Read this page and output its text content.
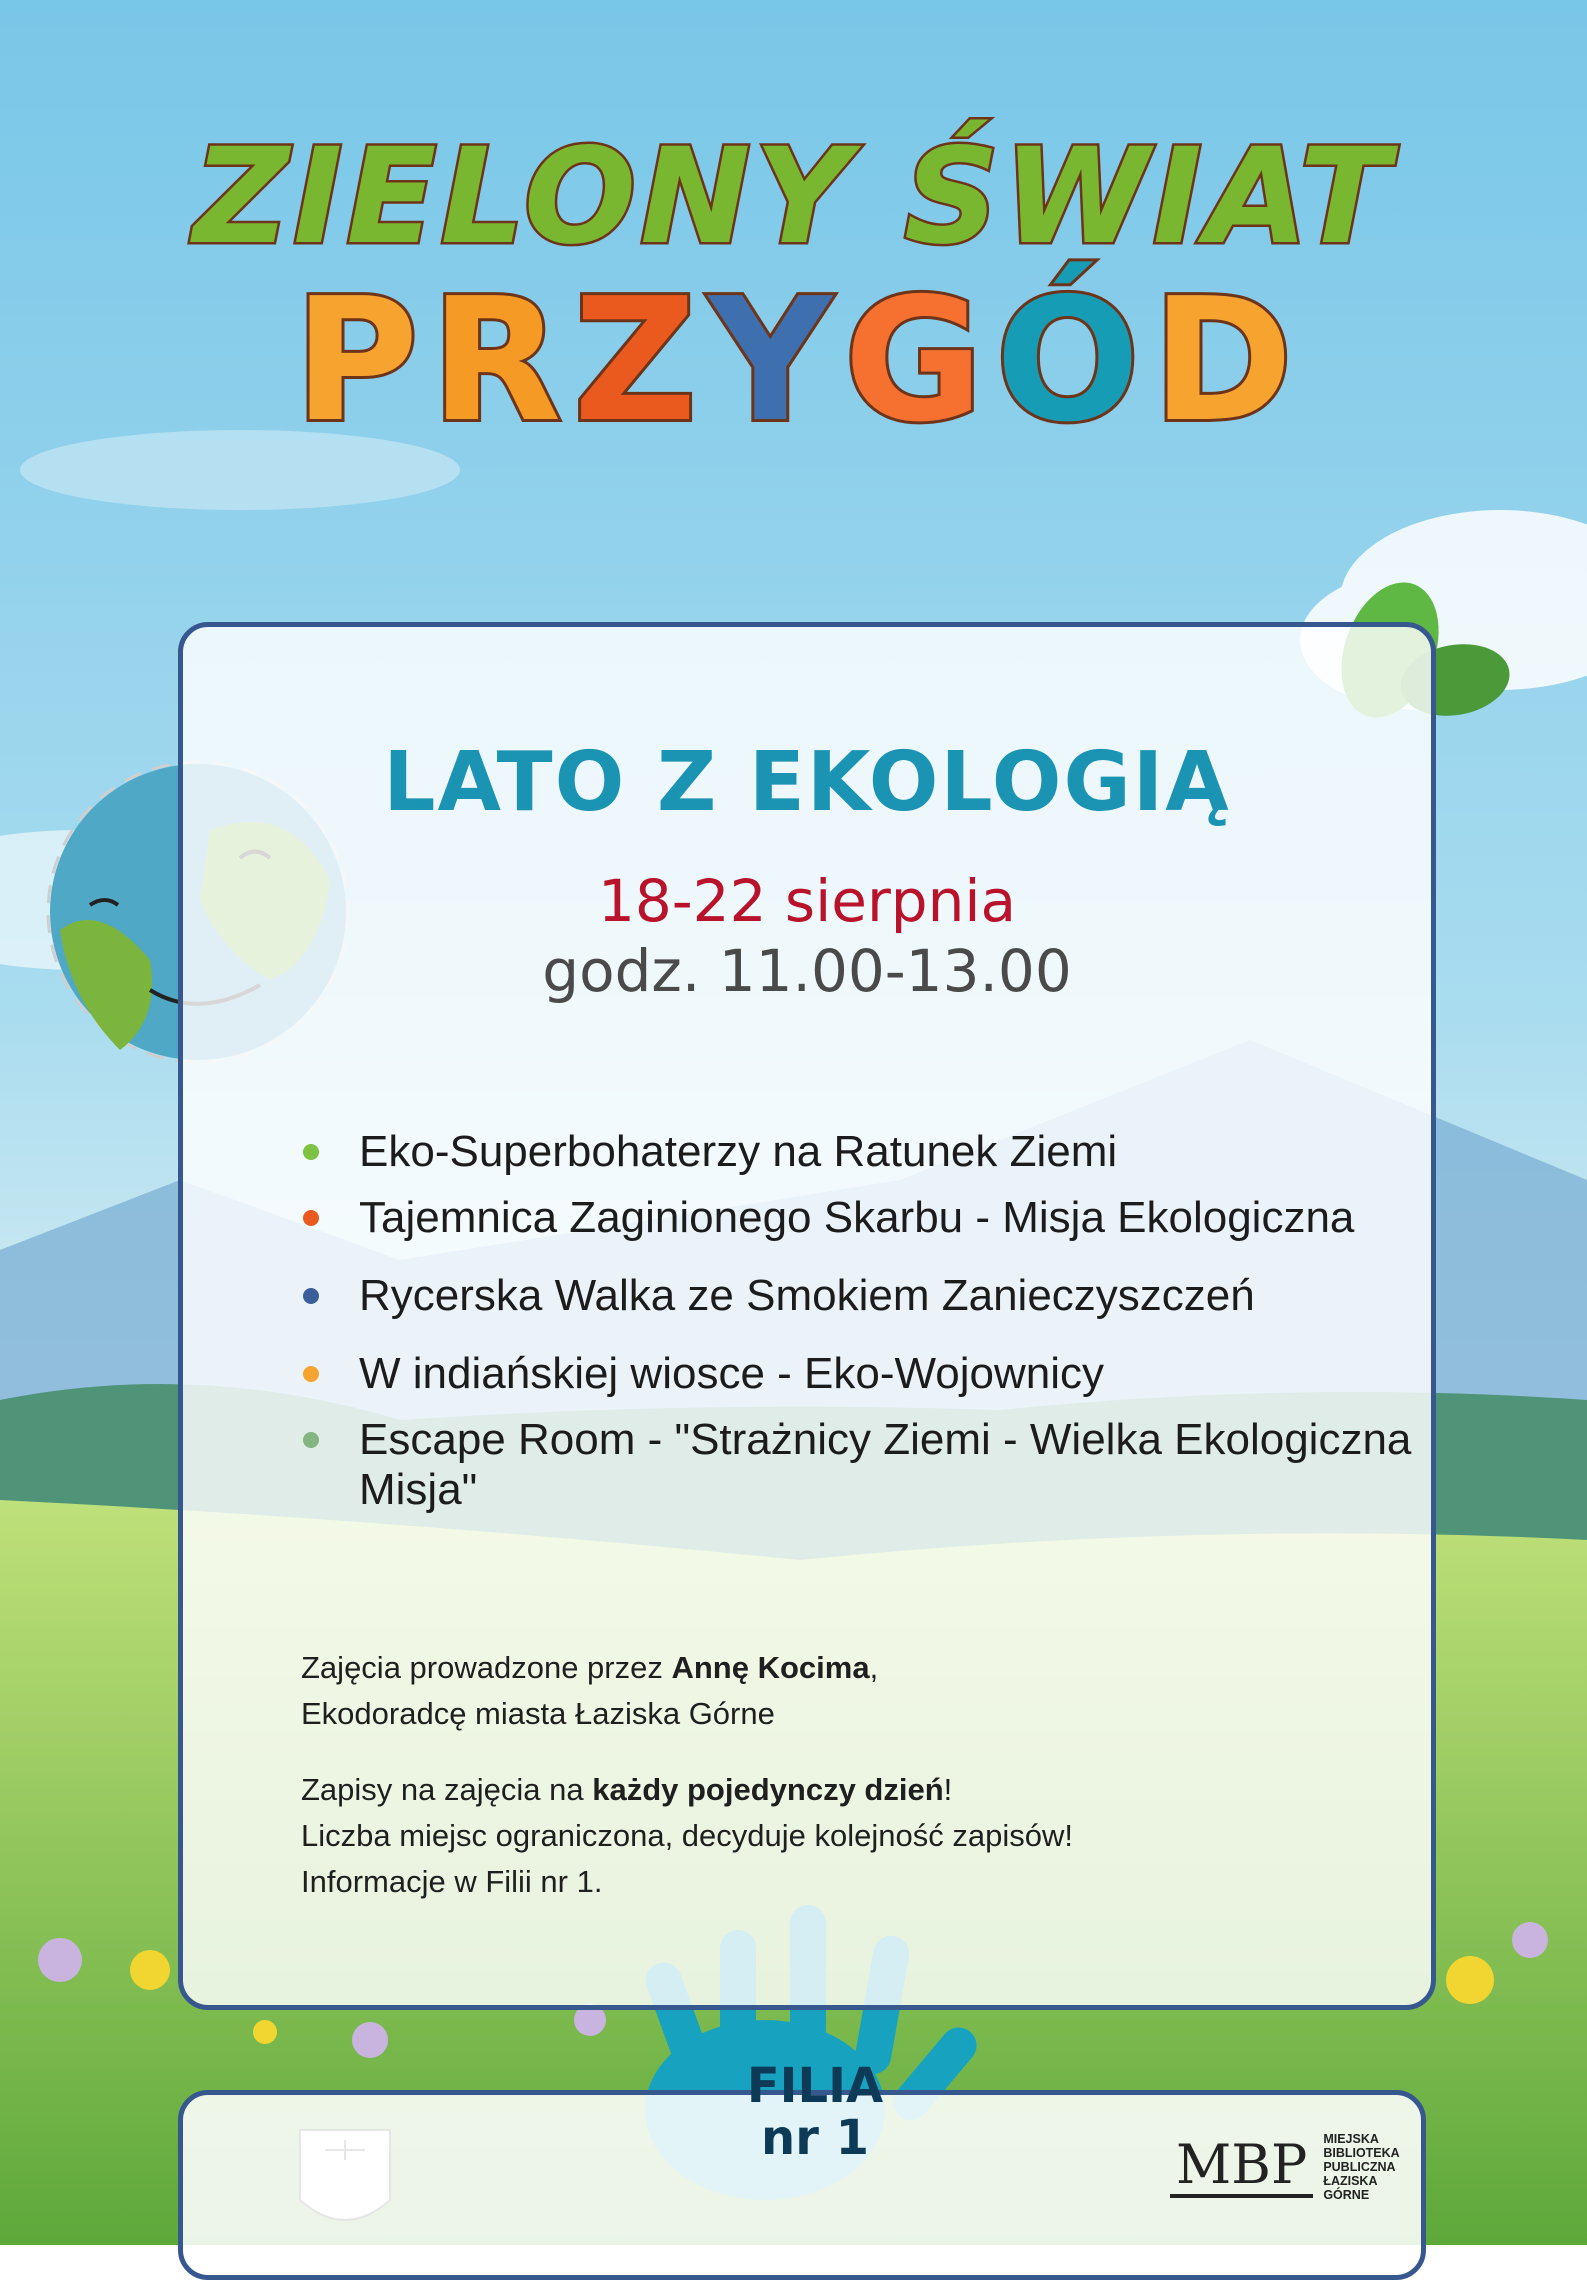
ZIELONY ŚWIAT
PRZYGÓD
LATO Z EKOLOGIĄ
18-22 sierpnia
godz. 11.00-13.00
Eko-Superbohaterzy na Ratunek Ziemi
Tajemnica Zaginionego Skarbu - Misja Ekologiczna
Rycerska Walka ze Smokiem Zanieczyszczeń
W indiańskiej wiosce - Eko-Wojownicy
Escape Room - "Strażnicy Ziemi - Wielka Ekologiczna Misja"
Zajęcia prowadzone przez Annę Kocima,
Ekodoradcę miasta Łaziska Górne
Zapisy na zajęcia na każdy pojedynczy dzień!
Liczba miejsc ograniczona, decyduje kolejność zapisów!
Informacje w Filii nr 1.
FILIA
nr 1	MBP	MIEJSKA
BIBLIOTEKA
PUBLICZNA
ŁAZISKA
GÓRNE
